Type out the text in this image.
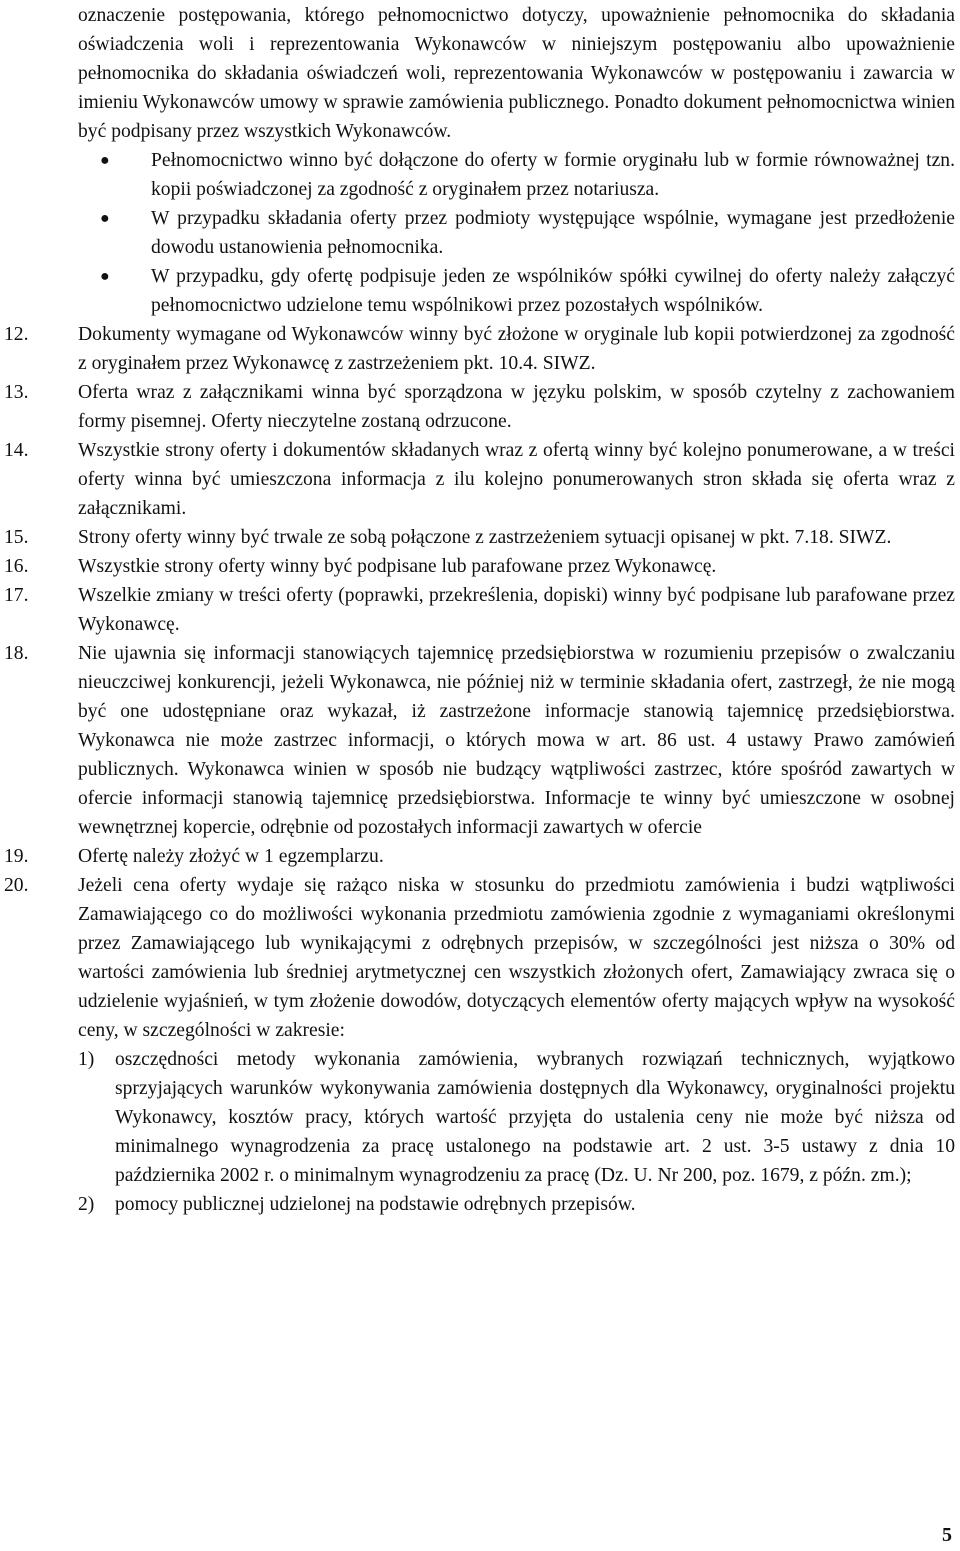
oznaczenie postępowania, którego pełnomocnictwo dotyczy, upoważnienie pełnomocnika do składania oświadczenia woli i reprezentowania Wykonawców w niniejszym postępowaniu albo upoważnienie pełnomocnika do składania oświadczeń woli, reprezentowania Wykonawców w postępowaniu i zawarcia w imieniu Wykonawców umowy w sprawie zamówienia publicznego. Ponadto dokument pełnomocnictwa winien być podpisany przez wszystkich Wykonawców.

● Pełnomocnictwo winno być dołączone do oferty w formie oryginału lub w formie równoważnej tzn. kopii poświadczonej za zgodność z oryginałem przez notariusza.
● W przypadku składania oferty przez podmioty występujące wspólnie, wymagane jest przedłożenie dowodu ustanowienia pełnomocnika.
● W przypadku, gdy ofertę podpisuje jeden ze wspólników spółki cywilnej do oferty należy załączyć pełnomocnictwo udzielone temu wspólnikowi przez pozostałych wspólników.
12.	Dokumenty wymagane od Wykonawców winny być złożone w oryginale lub kopii potwierdzonej za zgodność z oryginałem przez Wykonawcę z zastrzeżeniem pkt. 10.4. SIWZ.
13.	Oferta wraz z załącznikami winna być sporządzona w języku polskim, w sposób czytelny z zachowaniem formy pisemnej. Oferty nieczytelne zostaną odrzucone.
14.	Wszystkie strony oferty i dokumentów składanych wraz z ofertą winny być kolejno ponumerowane, a w treści oferty winna być umieszczona informacja z ilu kolejno ponumerowanych stron składa się oferta wraz z załącznikami.
15.	Strony oferty winny być trwale ze sobą połączone z zastrzeżeniem sytuacji opisanej w pkt. 7.18. SIWZ.
16.	Wszystkie strony oferty winny być podpisane lub parafowane przez Wykonawcę.
17.	Wszelkie zmiany w treści oferty (poprawki, przekreślenia, dopiski) winny być podpisane lub parafowane przez Wykonawcę.
18.	Nie ujawnia się informacji stanowiących tajemnicę przedsiębiorstwa w rozumieniu przepisów o zwalczaniu nieuczciwej konkurencji, jeżeli Wykonawca, nie później niż w terminie składania ofert, zastrzegł, że nie mogą być one udostępniane oraz wykazał, iż zastrzeżone informacje stanowią tajemnicę przedsiębiorstwa. Wykonawca nie może zastrzec informacji, o których mowa w art. 86 ust. 4 ustawy Prawo zamówień publicznych. Wykonawca winien w sposób nie budzący wątpliwości zastrzec, które spośród zawartych w ofercie informacji stanowią tajemnicę przedsiębiorstwa. Informacje te winny być umieszczone w osobnej wewnętrznej kopercie, odrębnie od pozostałych informacji zawartych w ofercie
19.	Ofertę należy złożyć w 1 egzemplarzu.
20.	Jeżeli cena oferty wydaje się rażąco niska w stosunku do przedmiotu zamówienia i budzi wątpliwości Zamawiającego co do możliwości wykonania przedmiotu zamówienia zgodnie z wymaganiami określonymi przez Zamawiającego lub wynikającymi z odrębnych przepisów, w szczególności jest niższa o 30% od wartości zamówienia lub średniej arytmetycznej cen wszystkich złożonych ofert, Zamawiający zwraca się o udzielenie wyjaśnień, w tym złożenie dowodów, dotyczących elementów oferty mających wpływ na wysokość ceny, w szczególności w zakresie:
1) oszczędności metody wykonania zamówienia, wybranych rozwiązań technicznych, wyjątkowo sprzyjających warunków wykonywania zamówienia dostępnych dla Wykonawcy, oryginalności projektu Wykonawcy, kosztów pracy, których wartość przyjęta do ustalenia ceny nie może być niższa od minimalnego wynagrodzenia za pracę ustalonego na podstawie art. 2 ust. 3-5 ustawy z dnia 10 października 2002 r. o minimalnym wynagrodzeniu za pracę (Dz. U. Nr 200, poz. 1679, z późn. zm.);
2) pomocy publicznej udzielonej na podstawie odrębnych przepisów.
5
